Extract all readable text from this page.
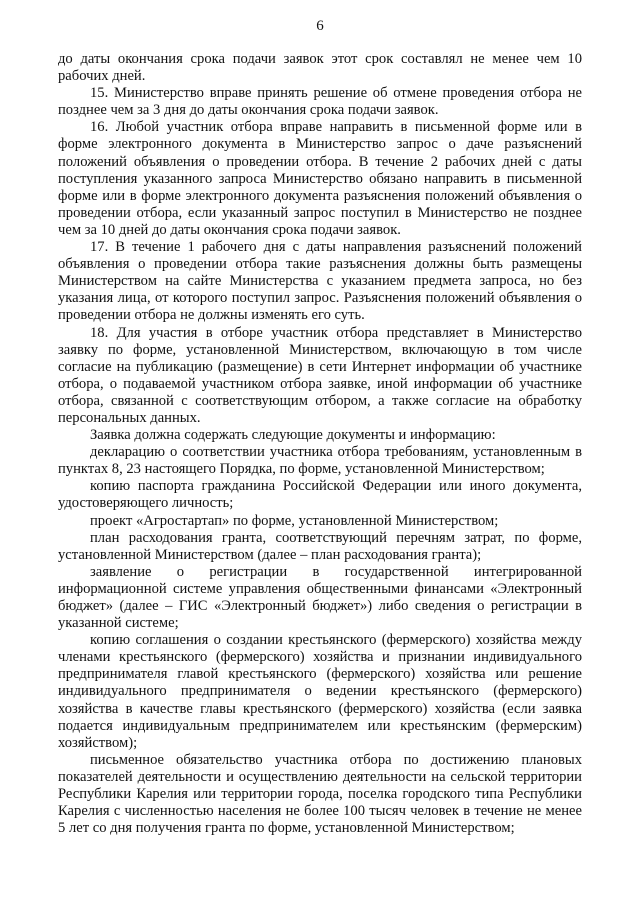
6

до даты окончания срока подачи заявок этот срок составлял не менее чем 10 рабочих дней.

15. Министерство вправе принять решение об отмене проведения отбора не позднее чем за 3 дня до даты окончания срока подачи заявок.

16. Любой участник отбора вправе направить в письменной форме или в форме электронного документа в Министерство запрос о даче разъяснений положений объявления о проведении отбора. В течение 2 рабочих дней с даты поступления указанного запроса Министерство обязано направить в письменной форме или в форме электронного документа разъяснения положений объявления о проведении отбора, если указанный запрос поступил в Министерство не позднее чем за 10 дней до даты окончания срока подачи заявок.

17. В течение 1 рабочего дня с даты направления разъяснений положений объявления о проведении отбора такие разъяснения должны быть размещены Министерством на сайте Министерства с указанием предмета запроса, но без указания лица, от которого поступил запрос. Разъяснения положений объявления о проведении отбора не должны изменять его суть.

18. Для участия в отборе участник отбора представляет в Министерство заявку по форме, установленной Министерством, включающую в том числе согласие на публикацию (размещение) в сети Интернет информации об участнике отбора, о подаваемой участником отбора заявке, иной информации об участнике отбора, связанной с соответствующим отбором, а также согласие на обработку персональных данных.

Заявка должна содержать следующие документы и информацию:

декларацию о соответствии участника отбора требованиям, установленным в пунктах 8, 23 настоящего Порядка, по форме, установленной Министерством;

копию паспорта гражданина Российской Федерации или иного документа, удостоверяющего личность;

проект «Агростартап» по форме, установленной Министерством;

план расходования гранта, соответствующий перечням затрат, по форме, установленной Министерством (далее – план расходования гранта);

заявление о регистрации в государственной интегрированной информационной системе управления общественными финансами «Электронный бюджет» (далее – ГИС «Электронный бюджет») либо сведения о регистрации в указанной системе;

копию соглашения о создании крестьянского (фермерского) хозяйства между членами крестьянского (фермерского) хозяйства и признании индивидуального предпринимателя главой крестьянского (фермерского) хозяйства или решение индивидуального предпринимателя о ведении крестьянского (фермерского) хозяйства в качестве главы крестьянского (фермерского) хозяйства (если заявка подается индивидуальным предпринимателем или крестьянским (фермерским) хозяйством);

письменное обязательство участника отбора по достижению плановых показателей деятельности и осуществлению деятельности на сельской территории Республики Карелия или территории города, поселка городского типа Республики Карелия с численностью населения не более 100 тысяч человек в течение не менее 5 лет со дня получения гранта по форме, установленной Министерством;
